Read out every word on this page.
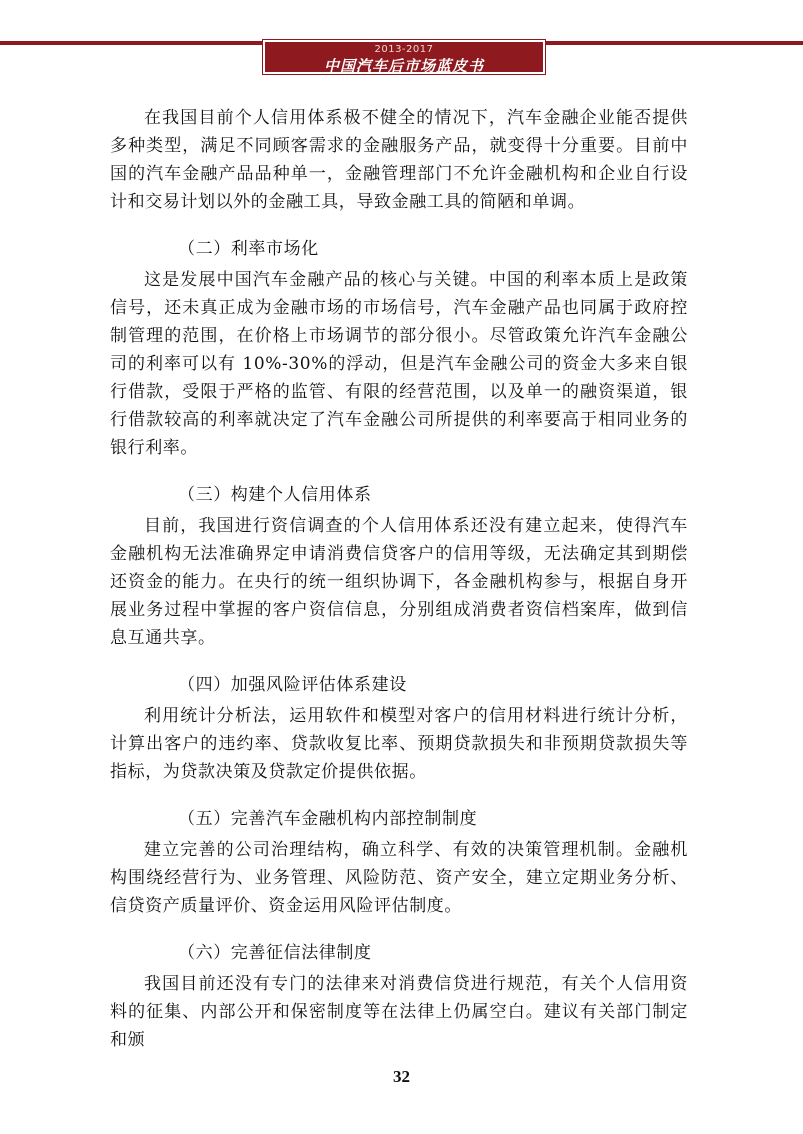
2013-2017
中国汽车后市场蓝皮书

在我国目前个人信用体系极不健全的情况下，汽车金融企业能否提供多种类型，满足不同顾客需求的金融服务产品，就变得十分重要。目前中国的汽车金融产品品种单一，金融管理部门不允许金融机构和企业自行设计和交易计划以外的金融工具，导致金融工具的简陋和单调。

（二）利率市场化

这是发展中国汽车金融产品的核心与关键。中国的利率本质上是政策信号，还未真正成为金融市场的市场信号，汽车金融产品也同属于政府控制管理的范围，在价格上市场调节的部分很小。尽管政策允许汽车金融公司的利率可以有 10%-30%的浮动，但是汽车金融公司的资金大多来自银行借款，受限于严格的监管、有限的经营范围，以及单一的融资渠道，银行借款较高的利率就决定了汽车金融公司所提供的利率要高于相同业务的银行利率。

（三）构建个人信用体系

目前，我国进行资信调查的个人信用体系还没有建立起来，使得汽车金融机构无法准确界定申请消费信贷客户的信用等级，无法确定其到期偿还资金的能力。在央行的统一组织协调下，各金融机构参与，根据自身开展业务过程中掌握的客户资信信息，分别组成消费者资信档案库，做到信息互通共享。

（四）加强风险评估体系建设

利用统计分析法，运用软件和模型对客户的信用材料进行统计分析，计算出客户的违约率、贷款收复比率、预期贷款损失和非预期贷款损失等指标，为贷款决策及贷款定价提供依据。

（五）完善汽车金融机构内部控制制度

建立完善的公司治理结构，确立科学、有效的决策管理机制。金融机构围绕经营行为、业务管理、风险防范、资产安全，建立定期业务分析、信贷资产质量评价、资金运用风险评估制度。

（六）完善征信法律制度

我国目前还没有专门的法律来对消费信贷进行规范，有关个人信用资料的征集、内部公开和保密制度等在法律上仍属空白。建议有关部门制定和颁

32
